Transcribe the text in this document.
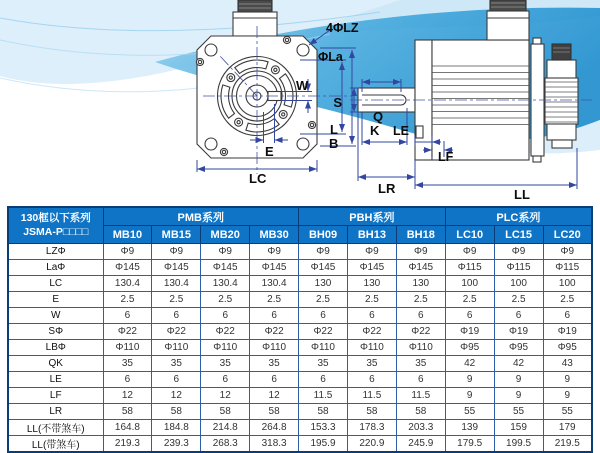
4ΦLZ
ΦLa
W
E
LC
L
B
S
Q
K LE
LF
LR	LL
130框以下系列
JSMA-P□□□□	PMB系列				PBH系列			PLC系列		
	MB10	MB15	MB20	MB30	BH09	BH13	BH18	LC10	LC15	LC20
LZΦ	Φ9	Φ9	Φ9	Φ9	Φ9	Φ9	Φ9	Φ9	Φ9	Φ9
LaΦ	Φ145	Φ145	Φ145	Φ145	Φ145	Φ145	Φ145	Φ115	Φ115	Φ115
LC	130.4	130.4	130.4	130.4	130	130	130	100	100	100
E	2.5	2.5	2.5	2.5	2.5	2.5	2.5	2.5	2.5	2.5
W	6	6	6	6	6	6	6	6	6	6
SΦ	Φ22	Φ22	Φ22	Φ22	Φ22	Φ22	Φ22	Φ19	Φ19	Φ19
LBΦ	Φ110	Φ110	Φ110	Φ110	Φ110	Φ110	Φ110	Φ95	Φ95	Φ95
QK	35	35	35	35	35	35	35	42	42	43
LE	6	6	6	6	6	6	6	9	9	9
LF	12	12	12	12	11.5	11.5	11.5	9	9	9
LR	58	58	58	58	58	58	58	55	55	55
LL(不带煞车)	164.8	184.8	214.8	264.8	153.3	178.3	203.3	139	159	179
LL(带煞车)	219.3	239.3	268.3	318.3	195.9	220.9	245.9	179.5	199.5	219.5
